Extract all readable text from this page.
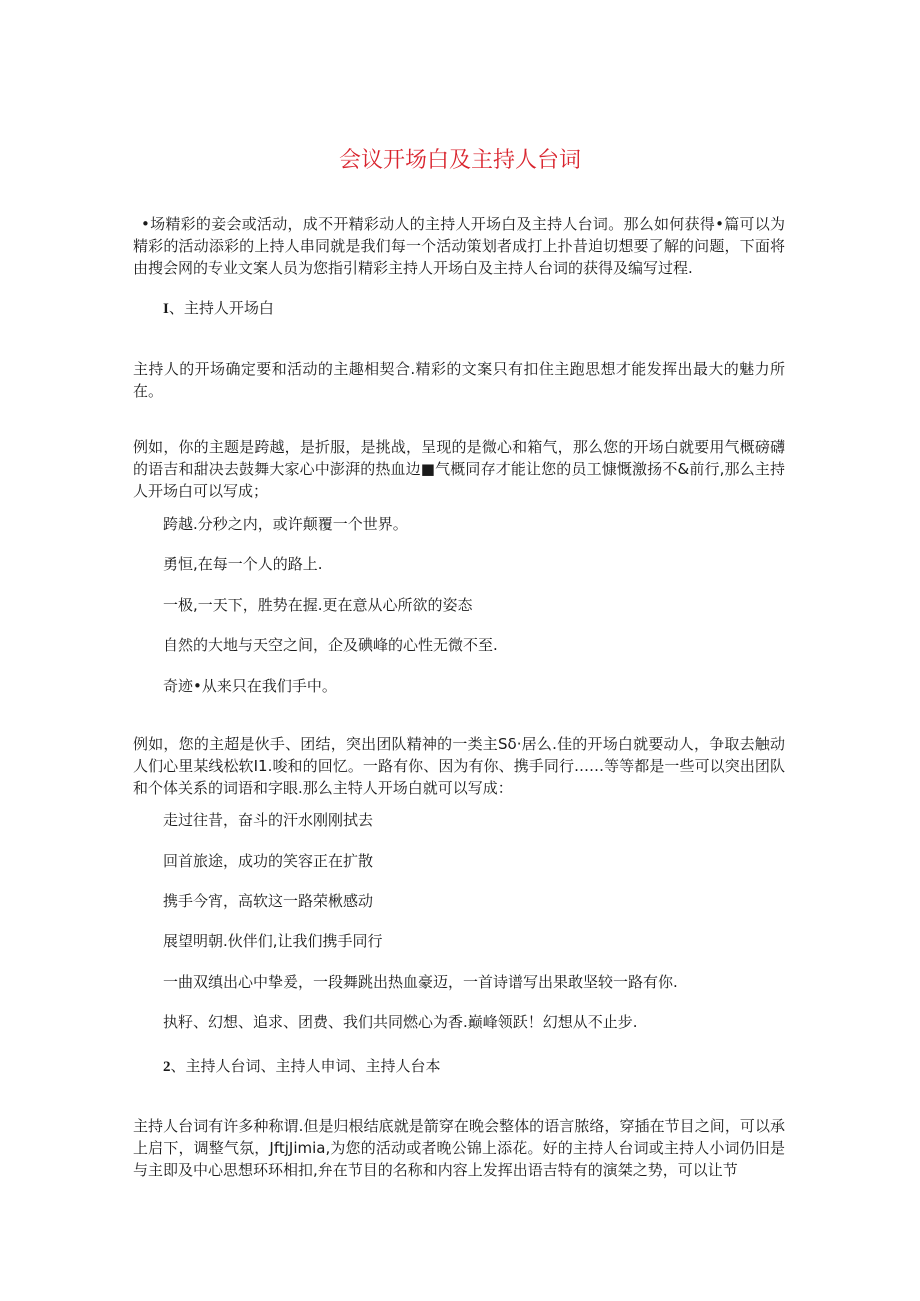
会议开场白及主持人台词
•场精彩的妾会或活动，成不开精彩动人的主持人开场白及主持人台词。那么如何获得•篇可以为精彩的活动添彩的上持人串同就是我们每一个活动策划者成打上扑昔迫切想要了解的问题，下面将由搜会网的专业文案人员为您指引精彩主持人开场白及主持人台词的获得及编写过程.
I、主持人开场白
主持人的开场确定要和活动的主趣相契合.精彩的文案只有扣住主跑思想才能发挥出最大的魅力所在。
例如，你的主题是跨越，是折服，是挑战，呈现的是微心和箱气，那么您的开场白就要用气概磅礴的语吉和甜决去鼓舞大家心中澎湃的热血边■气概同存才能让您的员工慷慨激扬不&前行,那么主持人开场白可以写成；
跨越.分秒之内，或许颠覆一个世界。
勇恒,在每一个人的路上.
一极,一天下，胜势在握.更在意从心所欲的姿态
自然的大地与天空之间，企及碘峰的心性无微不至.
奇迹•从来只在我们手中。
例如，您的主超是伙手、团结，突出团队精神的一类主Sδ·居么.佳的开场白就要动人，争取去触动人们心里某线松软I1.唆和的回忆。一路有你、因为有你、携手同行……等等都是一些可以突出团队和个体关系的词语和字眼.那么主特人开场白就可以写成：
走过往昔，奋斗的汗水刚刚拭去
回首旅途，成功的笑容正在扩散
携手今宵，高软这一路荣楸感动
展望明朝.伙伴们,让我们携手同行
一曲双缜出心中挚爰，一段舞跳出热血豪迈，一首诗谱写出果敢坚较一路有你.
执籽、幻想、追求、团费、我们共同燃心为香.巅峰领跃！幻想从不止步.
2、主持人台词、主持人申词、主持人台本
主持人台词有许多种称谓.但是归根结底就是箭穿在晚会整体的语言脓络，穿插在节目之间，可以承上启下，调整气氛，JftjJimia,为您的活动或者晚公锦上添花。好的主持人台词或主持人小词仍旧是与主即及中心思想环环相扣,弁在节目的名称和内容上发挥出语吉特有的演桀之势，可以让节
